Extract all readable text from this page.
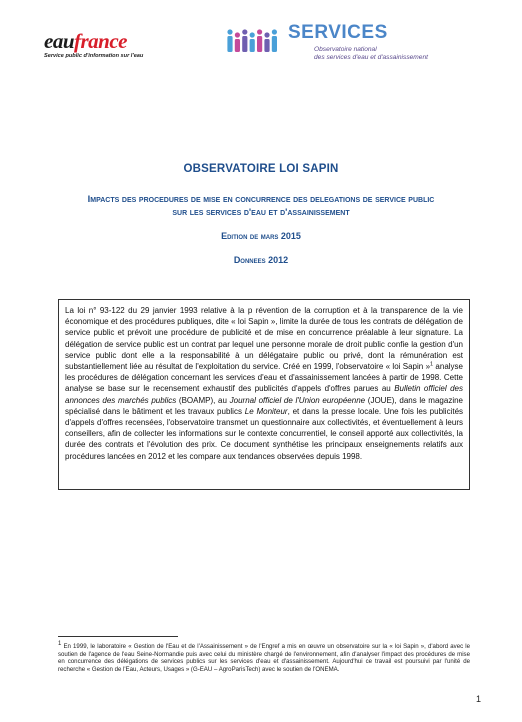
eaufrance
Service public d'information sur l'eau
SERVICES
Observatoire national
des services d'eau et d'assainissement
OBSERVATOIRE LOI SAPIN
Impacts des procedures de mise en concurrence des delegations de service public
sur les services d'eau et d'assainissement
Edition de mars 2015
Donnees 2012
La loi n° 93-122 du 29 janvier 1993 relative à la p révention de la corruption et à la transparence de la vie économique et des procédures publiques, dite « loi Sapin », limite la durée de tous les contrats de délégation de service public et prévoit une procédure de publicité et de mise en concurrence préalable à leur signature. La délégation de service public est un contrat par lequel une personne morale de droit public confie la gestion d'un service public dont elle a la responsabilité à un délégataire public ou privé, dont la rémunération est substantiellement liée au résultat de l'exploitation du service. Créé en 1999, l'observatoire « loi Sapin »$^1$ analyse les procédures de délégation concernant les services d'eau et d'assainissement lancées à partir de 1998. Cette analyse se base sur le recensement exhaustif des publicités d'appels d'offres parues au Bulletin officiel des annonces des marchés publics (BOAMP), au Journal officiel de l'Union européenne (JOUE), dans le magazine spécialisé dans le bâtiment et les travaux publics Le Moniteur, et dans la presse locale. Une fois les publicités d'appels d'offres recensées, l'observatoire transmet un questionnaire aux collectivités, et éventuellement à leurs conseillers, afin de collecter les informations sur le contexte concurrentiel, le conseil apporté aux collectivités, la durée des contrats et l'évolution des prix. Ce document synthétise les principaux enseignements relatifs aux procédures lancées en 2012 et les compare aux tendances observées depuis 1998.
$^1$ En 1999, le laboratoire « Gestion de l'Eau et de l'Assainissement » de l'Engref a mis en œuvre un observatoire sur la « loi Sapin », d'abord avec le soutien de l'agence de l'eau Seine-Normandie puis avec celui du ministère chargé de l'environnement, afin d'analyser l'impact des procédures de mise en concurrence des délégations de services publics sur les services d'eau et d'assainissement. Aujourd'hui ce travail est poursuivi par l'unité de recherche « Gestion de l'Eau, Acteurs, Usages » (G-EAU – AgroParisTech) avec le soutien de l'ONEMA.
1
